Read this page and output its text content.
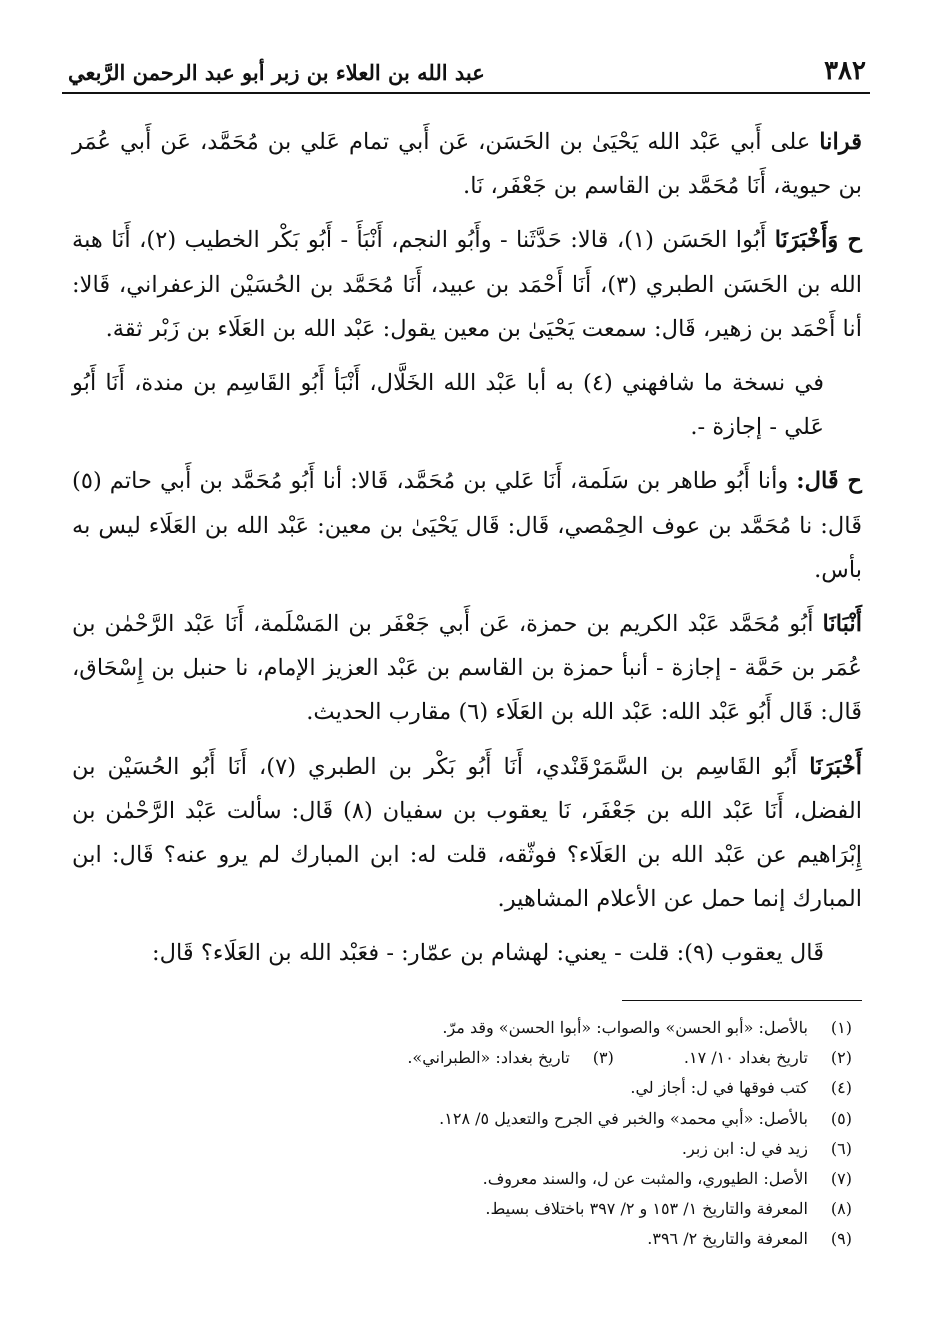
٣٨٢
عبد الله بن العلاء بن زبر أبو عبد الرحمن الرَّبعي

قرانا على أَبي عَبْد الله يَحْيَىٰ بن الحَسَن، عَن أَبي تمام عَلي بن مُحَمَّد، عَن أَبي عُمَر بن حيوية، أَنَا مُحَمَّد بن القاسم بن جَعْفَر، نَا.

ح وَأَخْبَرَنَا أَبُوا الحَسَن (١)، قالا: حَدَّثَنا - وأَبُو النجم، أَنْبَأَ - أَبُو بَكْر الخطيب (٢)، أَنَا هبة الله بن الحَسَن الطبري (٣)، أَنَا أَحْمَد بن عبيد، أَنَا مُحَمَّد بن الحُسَيْن الزعفراني، قَالا: أنا أَحْمَد بن زهير، قَال: سمعت يَحْيَىٰ بن معين يقول: عَبْد الله بن العَلَاء بن زَبْر ثقة.

في نسخة ما شافهني (٤) به أبا عَبْد الله الخَلَّال، أَنْبَأ أَبُو القَاسِم بن مندة، أَنَا أَبُو عَلي - إجازة -.

ح قَال: وأنا أَبُو طاهر بن سَلَمة، أَنَا عَلي بن مُحَمَّد، قَالا: أنا أَبُو مُحَمَّد بن أَبي حاتم (٥) قَال: نا مُحَمَّد بن عوف الحِمْصي، قَال: قَال يَحْيَىٰ بن معين: عَبْد الله بن العَلَاء ليس به بأس.

أَنْبَانَا أَبُو مُحَمَّد عَبْد الكريم بن حمزة، عَن أَبي جَعْفَر بن المَسْلَمة، أَنَا عَبْد الرَّحْمٰن بن عُمَر بن حَمَّة - إجازة - أنبأ حمزة بن القاسم بن عَبْد العزيز الإمام، نا حنبل بن إِسْحَاق، قَال: قَال أَبُو عَبْد الله: عَبْد الله بن العَلَاء (٦) مقارب الحديث.

أَخْبَرَنَا أَبُو القَاسِم بن السَّمَرْقَنْدي، أَنَا أَبُو بَكْر بن الطبري (٧)، أَنَا أَبُو الحُسَيْن بن الفضل، أَنَا عَبْد الله بن جَعْفَر، نَا يعقوب بن سفيان (٨) قَال: سألت عَبْد الرَّحْمٰن بن إِبْرَاهيم عن عَبْد الله بن العَلَاء؟ فوثّقه، قلت له: ابن المبارك لم يرو عنه؟ قَال: ابن المبارك إنما حمل عن الأعلام المشاهير.

قَال يعقوب (٩): قلت - يعني: لهشام بن عمّار: - فعَبْد الله بن العَلَاء؟ قَال:

(١)
بالأصل: «أبو الحسن» والصواب: «أبوا الحسن» وقد مرّ.
(٢)
تاريخ بغداد ١٠/ ١٧.
(٣)
تاريخ بغداد: «الطبراني».
(٤)
كتب فوقها في ل: أجاز لي.
(٥)
بالأصل: «أبي محمد» والخبر في الجرح والتعديل ٥/ ١٢٨.
(٦)
زيد في ل: ابن زبر.
(٧)
الأصل: الطيوري، والمثبت عن ل، والسند معروف.
(٨)
المعرفة والتاريخ ١/ ١٥٣ و ٢/ ٣٩٧ باختلاف بسيط.
(٩)
المعرفة والتاريخ ٢/ ٣٩٦.
